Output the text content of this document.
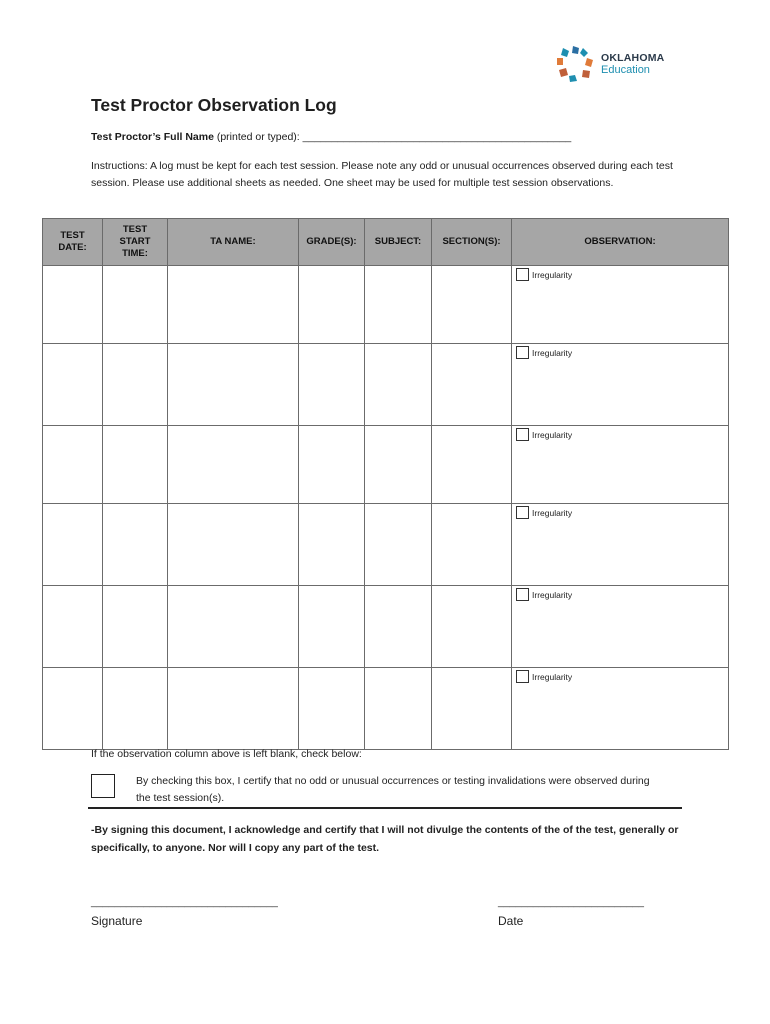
OKLAHOMA
Education
Test Proctor Observation Log
Test Proctor’s Full Name (printed or typed): ______________________________________________
Instructions: A log must be kept for each test session. Please note any odd or unusual occurrences observed during each test session. Please use additional sheets as needed. One sheet may be used for multiple test session observations.
TEST
DATE:	TEST
START
TIME:	TA NAME:	GRADE(S):	SUBJECT:	SECTION(S):	OBSERVATION:

						Irregularity

						Irregularity

						Irregularity

						Irregularity

						Irregularity

						Irregularity
If the observation column above is left blank, check below:
By checking this box, I certify that no odd or unusual occurrences or testing invalidations were observed during the test session(s).
-By signing this document, I acknowledge and certify that I will not divulge the contents of the of the test, generally or specifically, to anyone. Nor will I copy any part of the test.
________________________________
Signature
_________________________
Date
